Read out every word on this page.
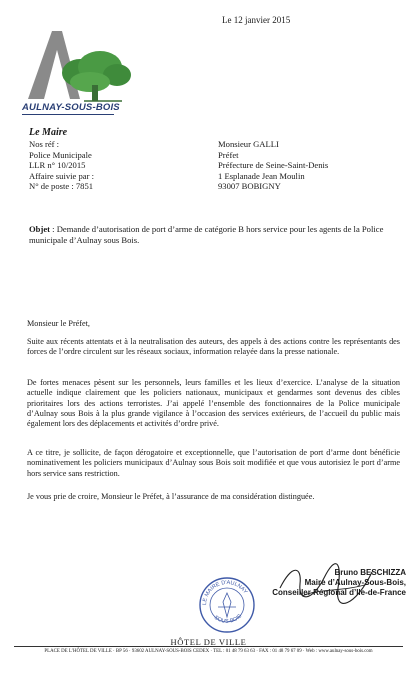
Le 12 janvier 2015
AULNAY-SOUS-BOIS
Le Maire
Nos réf :
Police Municipale
LLR n° 10/2015
Affaire suivie par :
N° de poste : 7851
Monsieur GALLI
Préfet
Préfecture de Seine-Saint-Denis
1 Esplanade Jean Moulin
93007 BOBIGNY
Objet : Demande d’autorisation de port d’arme de catégorie B hors service pour les agents de la Police municipale d’Aulnay sous Bois.
Monsieur le Préfet,
Suite aux récents attentats et à la neutralisation des auteurs, des appels à des actions contre les représentants des forces de l’ordre circulent sur les réseaux sociaux, information relayée dans la presse nationale.
De fortes menaces pèsent sur les personnels, leurs familles et les lieux d’exercice. L’analyse de la situation actuelle indique clairement que les policiers nationaux, municipaux et gendarmes sont devenus des cibles prioritaires lors des actions terroristes. J’ai appelé l’ensemble des fonctionnaires de la Police municipale d’Aulnay sous Bois à la plus grande vigilance à l’occasion des services extérieurs, de l’accueil du public mais également lors des déplacements et activités d’ordre privé.
A ce titre, je sollicite, de façon dérogatoire et exceptionnelle, que l’autorisation de port d’arme dont bénéficie nominativement les policiers municipaux d’Aulnay sous Bois soit modifiée et que vous autorisiez le port d’arme hors service sans restriction.
Je vous prie de croire, Monsieur le Préfet, à l’assurance de ma considération distinguée.
LE MAIRE D'AULNAY
SOUS-BOIS
Bruno BESCHIZZA
Maire d’Aulnay-Sous-Bois,
Conseiller Régional d’Ile-de-France
HÔTEL DE VILLE
PLACE DE L’HÔTEL DE VILLE · BP 56 · 93602 AULNAY-SOUS-BOIS CEDEX · TEL : 01 48 79 63 63 · FAX : 01 48 79 67 09 · Web : www.aulnay-sous-bois.com
